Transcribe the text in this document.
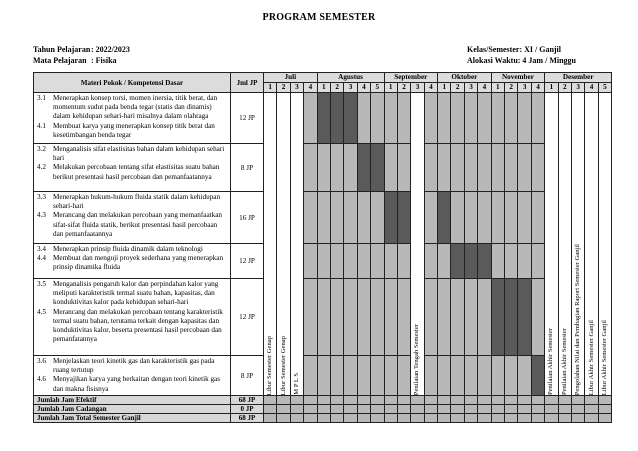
PROGRAM SEMESTER
Tahun Pelajaran: 2022/2023
Mata Pelajaran : Fisika
Kelas/Semester: XI / Ganjil
Alokasi Waktu: 4 Jam / Minggu
Materi Pokok / Kompetensi Dasar	Jml JP	Juli				Agustus					September				Oktober				November				Desember				
		1	2	3	4	1	2	3	4	5	1	2	3	4	1	2	3	4	1	2	3	4	1	2	3	4	5

3.1 Menerapkan konsep torsi, momen inersia, titik berat, dan momentum sudut pada benda tegar (statis dan dinamis) dalam kehidupan sehari-hari misalnya dalam olahraga
4.1 Membuat karya yang menerapkan konsep titik berat dan kesetimbangan benda tegar	12 JP	Libur Semester Genap	Libur Semester Genap	M P L S									Penilaian Tengah Semester										Penilaian Akhir Semester	Penilaian Akhir Semester	Pengolahan Nilai dan Pembagian Raport Semester Ganjil	Libur Akhir Semester Ganjil	Libur Akhir Semester Ganjil

3.2 Menganalisis sifat elastisitas bahan dalam kehidupan sehari hari
4.2 Melakukan percobaan tentang sifat elastisitas suatu bahan berikut presentasi hasil percobaan dan pemanfaatannya	8 JP																										

3.3 Menerapkan hukum-hukum fluida statik dalam kehidupan sehari-hari
4.3 Merancang dan melakukan percobaan yang memanfaatkan sifat-sifat fluida statik, berikut presentasi hasil percobaan dan pemanfaatannya	16 JP																										

3.4 Menerapkan prinsip fluida dinamik dalam teknologi
4.4 Membuat dan menguji proyek sederhana yang menerapkan prinsip dinamika fluida	12 JP																										

3.5 Menganalisis pengaruh kalor dan perpindahan kalor yang meliputi karakteristik termal suatu bahan, kapasitas, dan konduktivitas kalor pada kehidupan sehari-hari
4.5 Merancang dan melakukan percobaan tentang karakteristik termal suatu bahan, terutama terkait dengan kapasitas dan konduktivitas kalor, beserta presentasi hasil percobaan dan pemanfatannya	12 JP																										

3.6 Menjelaskan teori kinetik gas dan karakteristik gas pada ruang tertutup
4.6 Menyajikan karya yang berkaitan dengan teori kinetik gas dan makna fisisnya	8 JP																										
Jumlah Jam Efektif	68 JP																										
Jumlah Jam Cadangan	0 JP																										
Jumlah Jam Total Semester Ganjil	68 JP																										
